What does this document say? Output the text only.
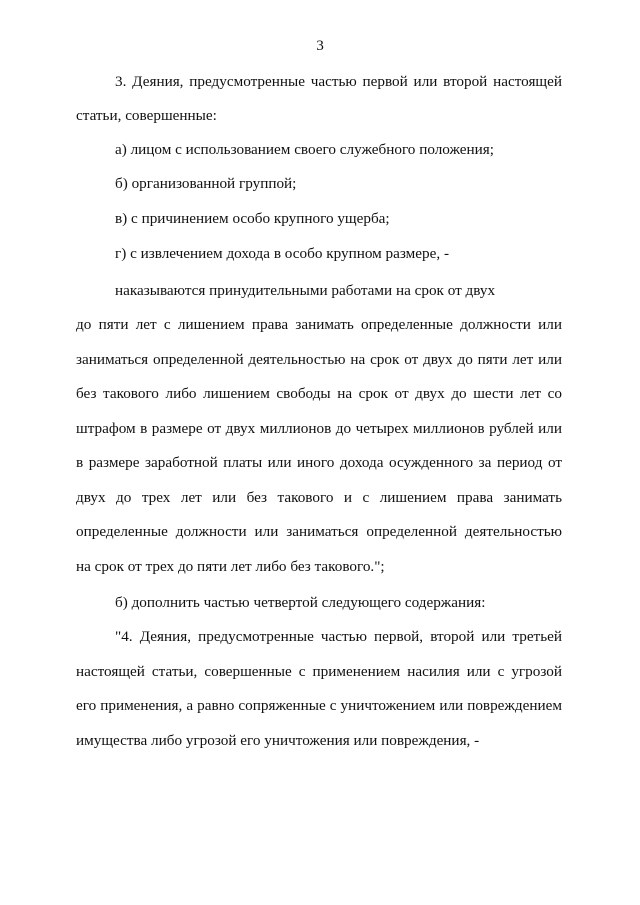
3
3. Деяния, предусмотренные частью первой или второй настоящей
статьи, совершенные:
а) лицом с использованием своего служебного положения;
б) организованной группой;
в) с причинением особо крупного ущерба;
г) с извлечением дохода в особо крупном размере, -
наказываются принудительными работами на срок от двух
до пяти лет с лишением права занимать определенные должности или
заниматься определенной деятельностью на срок от двух до пяти лет или
без такового либо лишением свободы на срок от двух до шести лет со
штрафом в размере от двух миллионов до четырех миллионов рублей или
в размере заработной платы или иного дохода осужденного за период от
двух до трех лет или без такового и с лишением права занимать
определенные должности или заниматься определенной деятельностью
на срок от трех до пяти лет либо без такового.";
б) дополнить частью четвертой следующего содержания:
"4. Деяния, предусмотренные частью первой, второй или третьей
настоящей статьи, совершенные с применением насилия или с угрозой
его применения, а равно сопряженные с уничтожением или повреждением
имущества либо угрозой его уничтожения или повреждения, -
